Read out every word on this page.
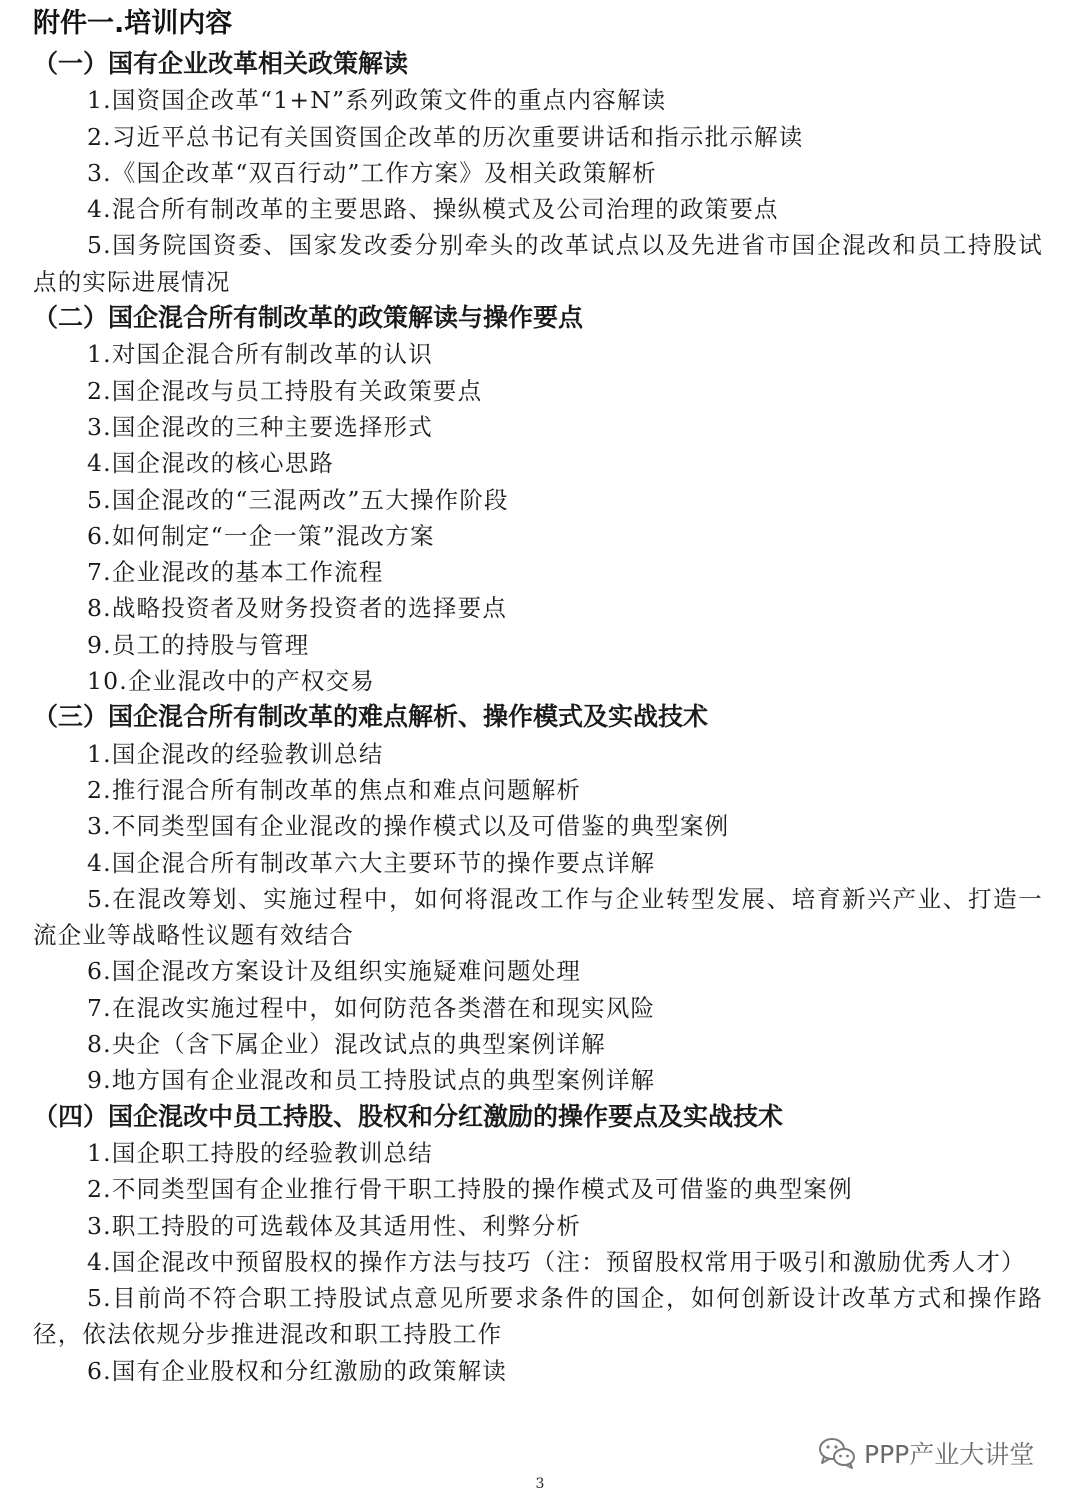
附件一.培训内容

（一）国有企业改革相关政策解读

1.国资国企改革“1+N”系列政策文件的重点内容解读

2.习近平总书记有关国资国企改革的历次重要讲话和指示批示解读

3.《国企改革“双百行动”工作方案》及相关政策解析

4.混合所有制改革的主要思路、操纵模式及公司治理的政策要点

5.国务院国资委、国家发改委分别牵头的改革试点以及先进省市国企混改和员工持股试点的实际进展情况

（二）国企混合所有制改革的政策解读与操作要点

1.对国企混合所有制改革的认识

2.国企混改与员工持股有关政策要点

3.国企混改的三种主要选择形式

4.国企混改的核心思路

5.国企混改的“三混两改”五大操作阶段

6.如何制定“一企一策”混改方案

7.企业混改的基本工作流程

8.战略投资者及财务投资者的选择要点

9.员工的持股与管理

10.企业混改中的产权交易

（三）国企混合所有制改革的难点解析、操作模式及实战技术

1.国企混改的经验教训总结

2.推行混合所有制改革的焦点和难点问题解析

3.不同类型国有企业混改的操作模式以及可借鉴的典型案例

4.国企混合所有制改革六大主要环节的操作要点详解

5.在混改筹划、实施过程中，如何将混改工作与企业转型发展、培育新兴产业、打造一流企业等战略性议题有效结合

6.国企混改方案设计及组织实施疑难问题处理

7.在混改实施过程中，如何防范各类潜在和现实风险

8.央企（含下属企业）混改试点的典型案例详解

9.地方国有企业混改和员工持股试点的典型案例详解

（四）国企混改中员工持股、股权和分红激励的操作要点及实战技术

1.国企职工持股的经验教训总结

2.不同类型国有企业推行骨干职工持股的操作模式及可借鉴的典型案例

3.职工持股的可选载体及其适用性、利弊分析

4.国企混改中预留股权的操作方法与技巧（注：预留股权常用于吸引和激励优秀人才）

5.目前尚不符合职工持股试点意见所要求条件的国企，如何创新设计改革方式和操作路径，依法依规分步推进混改和职工持股工作

6.国有企业股权和分红激励的政策解读

PPP产业大讲堂
3
